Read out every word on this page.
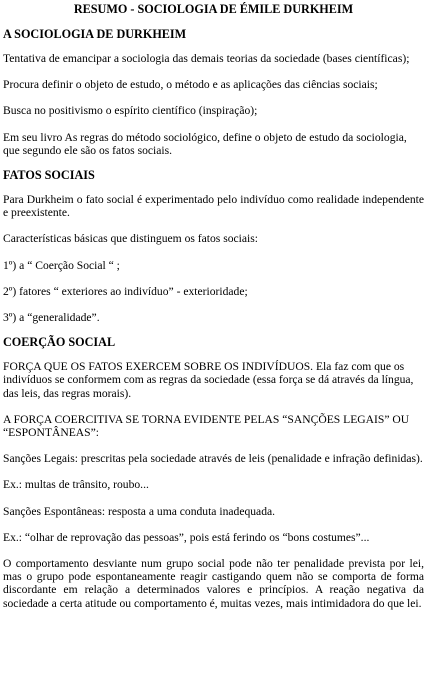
RESUMO - SOCIOLOGIA DE ÉMILE DURKHEIM
A SOCIOLOGIA DE DURKHEIM

Tentativa de emancipar a sociologia das demais teorias da sociedade (bases científicas);

Procura definir o objeto de estudo, o método e as aplicações das ciências sociais;

Busca no positivismo o espírito científico (inspiração);

Em seu livro As regras do método sociológico, define o objeto de estudo da sociologia, que segundo ele são os fatos sociais.

FATOS SOCIAIS

Para Durkheim o fato social é experimentado pelo indivíduo como realidade independente e preexistente.

Características básicas que distinguem os fatos sociais:

1º) a “ Coerção Social “ ;

2º) fatores “ exteriores ao indivíduo” - exterioridade;

3º) a “generalidade”.

COERÇÃO SOCIAL

FORÇA QUE OS FATOS EXERCEM SOBRE OS INDIVÍDUOS. Ela faz com que os indivíduos se conformem com as regras da sociedade (essa força se dá através da língua, das leis, das regras morais).

A FORÇA COERCITIVA SE TORNA EVIDENTE PELAS “SANÇÕES LEGAIS” OU “ESPONTÂNEAS”:

Sanções Legais: prescritas pela sociedade através de leis (penalidade e infração definidas).

Ex.: multas de trânsito, roubo...

Sanções Espontâneas: resposta a uma conduta inadequada.

Ex.: “olhar de reprovação das pessoas”, pois está ferindo os “bons costumes”...

O comportamento desviante num grupo social pode não ter penalidade prevista por lei, mas o grupo pode espontaneamente reagir castigando quem não se comporta de forma discordante em relação a determinados valores e princípios. A reação negativa da sociedade a certa atitude ou comportamento é, muitas vezes, mais intimidadora do que lei.
